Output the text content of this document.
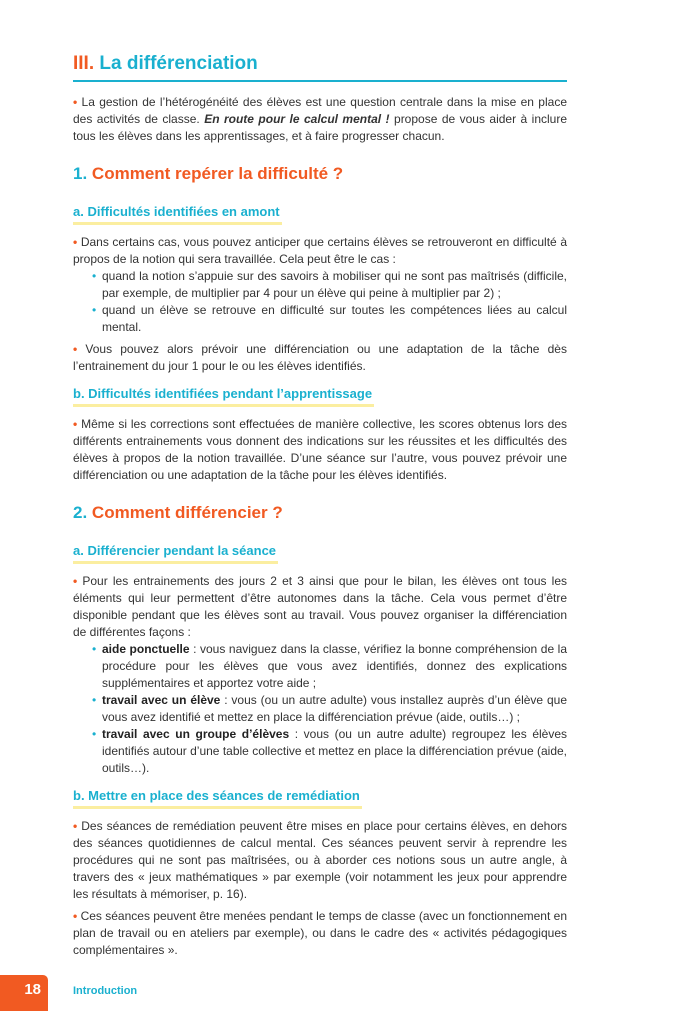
III. La différenciation

• La gestion de l’hétérogénéité des élèves est une question centrale dans la mise en place des activités de classe. En route pour le calcul mental ! propose de vous aider à inclure tous les élèves dans les apprentissages, et à faire progresser chacun.

1. Comment repérer la difficulté ?
a. Difficultés identifiées en amont

• Dans certains cas, vous pouvez anticiper que certains élèves se retrouveront en difficulté à propos de la notion qui sera travaillée. Cela peut être le cas :

• quand la notion s’appuie sur des savoirs à mobiliser qui ne sont pas maîtrisés (difficile, par exemple, de multiplier par 4 pour un élève qui peine à multiplier par 2) ;
• quand un élève se retrouve en difficulté sur toutes les compétences liées au calcul mental.

• Vous pouvez alors prévoir une différenciation ou une adaptation de la tâche dès l’entrainement du jour 1 pour le ou les élèves identifiés.

b. Difficultés identifiées pendant l’apprentissage

• Même si les corrections sont effectuées de manière collective, les scores obtenus lors des différents entrainements vous donnent des indications sur les réussites et les difficultés des élèves à propos de la notion travaillée. D’une séance sur l’autre, vous pouvez prévoir une différenciation ou une adaptation de la tâche pour les élèves identifiés.

2. Comment différencier ?
a. Différencier pendant la séance

• Pour les entrainements des jours 2 et 3 ainsi que pour le bilan, les élèves ont tous les éléments qui leur permettent d’être autonomes dans la tâche. Cela vous permet d’être disponible pendant que les élèves sont au travail. Vous pouvez organiser la différenciation de différentes façons :

• aide ponctuelle : vous naviguez dans la classe, vérifiez la bonne compréhension de la procédure pour les élèves que vous avez identifiés, donnez des explications supplémentaires et apportez votre aide ;
• travail avec un élève : vous (ou un autre adulte) vous installez auprès d’un élève que vous avez identifié et mettez en place la différenciation prévue (aide, outils…) ;
• travail avec un groupe d’élèves : vous (ou un autre adulte) regroupez les élèves identifiés autour d’une table collective et mettez en place la différenciation prévue (aide, outils…).
b. Mettre en place des séances de remédiation

• Des séances de remédiation peuvent être mises en place pour certains élèves, en dehors des séances quotidiennes de calcul mental. Ces séances peuvent servir à reprendre les procédures qui ne sont pas maîtrisées, ou à aborder ces notions sous un autre angle, à travers des « jeux mathématiques » par exemple (voir notamment les jeux pour apprendre les résultats à mémoriser, p. 16).

• Ces séances peuvent être menées pendant le temps de classe (avec un fonctionnement en plan de travail ou en ateliers par exemple), ou dans le cadre des « activités pédagogiques complémentaires ».

18	Introduction
